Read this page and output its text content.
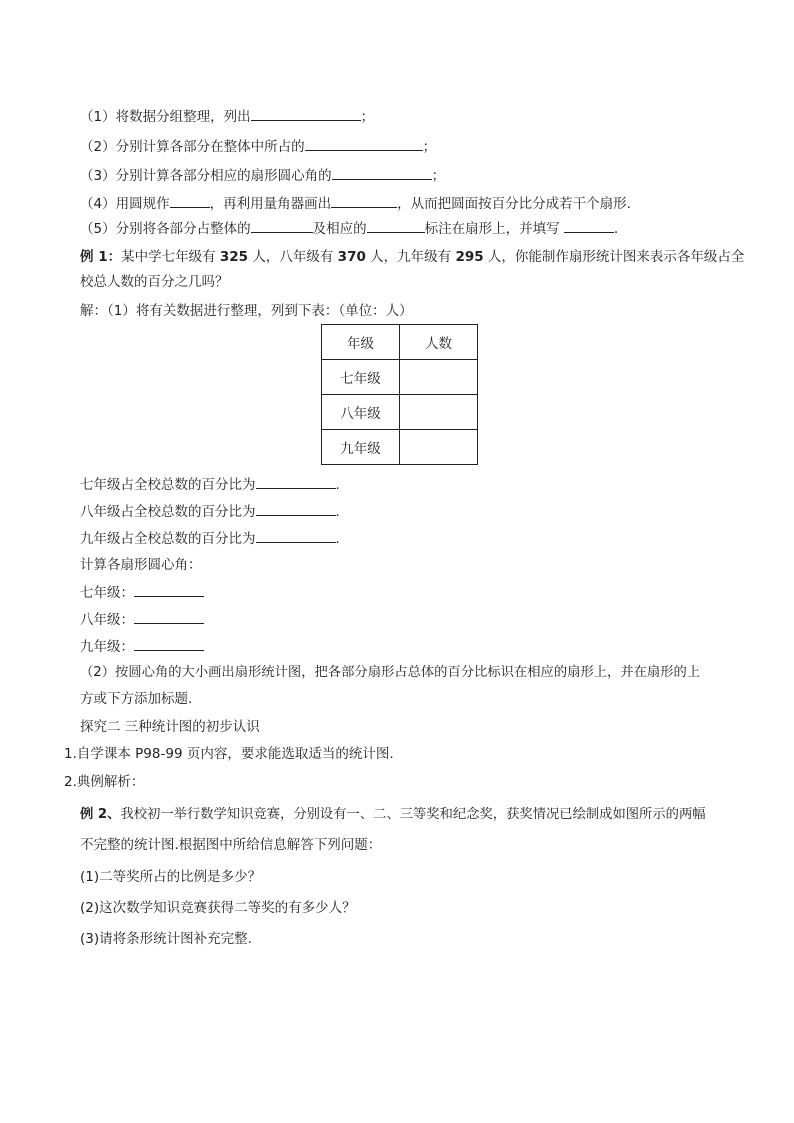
（1）将数据分组整理，列出	；
（2）分别计算各部分在整体中所占的	；
（3）分别计算各部分相应的扇形圆心角的	；
（4）用圆规作	，再利用量角器画出	，从而把圆面按百分比分成若干个扇形.
（5）分别将各部分占整体的	及相应的	标注在扇形上，并填写	.
例 1：某中学七年级有 325 人，八年级有 370 人，九年级有 295 人，你能制作扇形统计图来表示各年级占全
校总人数的百分之几吗？
解：（1）将有关数据进行整理，列到下表：（单位：人）
年级	人数
七年级	
八年级	
九年级	
七年级占全校总数的百分比为	.
八年级占全校总数的百分比为	.
九年级占全校总数的百分比为	.
计算各扇形圆心角：
七年级：
八年级：
九年级：
（2）按圆心角的大小画出扇形统计图，把各部分扇形占总体的百分比标识在相应的扇形上，并在扇形的上
方或下方添加标题.
探究二 三种统计图的初步认识
1.自学课本 P98-99 页内容，要求能选取适当的统计图.
2.典例解析：
例 2、我校初一举行数学知识竞赛，分别设有一、二、三等奖和纪念奖，获奖情况已绘制成如图所示的两幅
不完整的统计图.根据图中所给信息解答下列问题：
(1)二等奖所占的比例是多少？
(2)这次数学知识竞赛获得二等奖的有多少人？
(3)请将条形统计图补充完整.
